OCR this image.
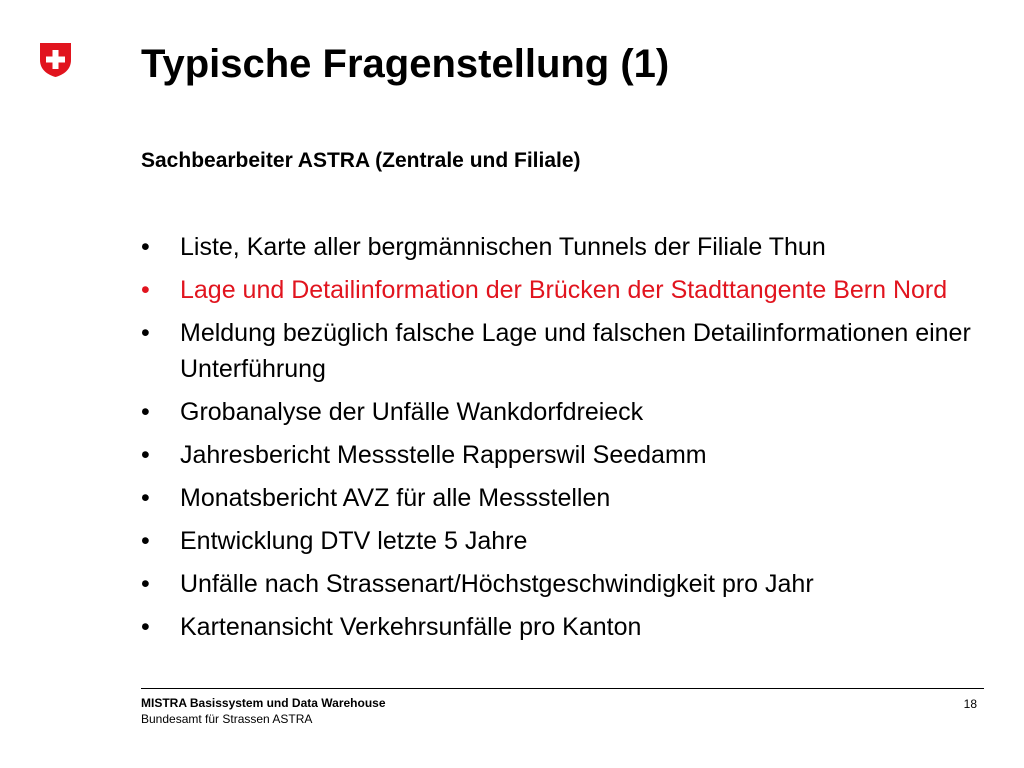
Typische Fragenstellung (1)
Sachbearbeiter ASTRA (Zentrale und Filiale)
• Liste, Karte aller bergmännischen Tunnels der Filiale Thun
• Lage und Detailinformation der Brücken der Stadttangente Bern Nord
• Meldung bezüglich falsche Lage und falschen Detailinformationen einer Unterführung
• Grobanalyse der Unfälle Wankdorfdreieck
• Jahresbericht Messstelle Rapperswil Seedamm
• Monatsbericht AVZ für alle Messstellen
• Entwicklung DTV letzte 5 Jahre
• Unfälle nach Strassenart/Höchstgeschwindigkeit pro Jahr
• Kartenansicht Verkehrsunfälle pro Kanton

MISTRA Basissystem und Data Warehouse

Bundesamt für Strassen ASTRA

18
